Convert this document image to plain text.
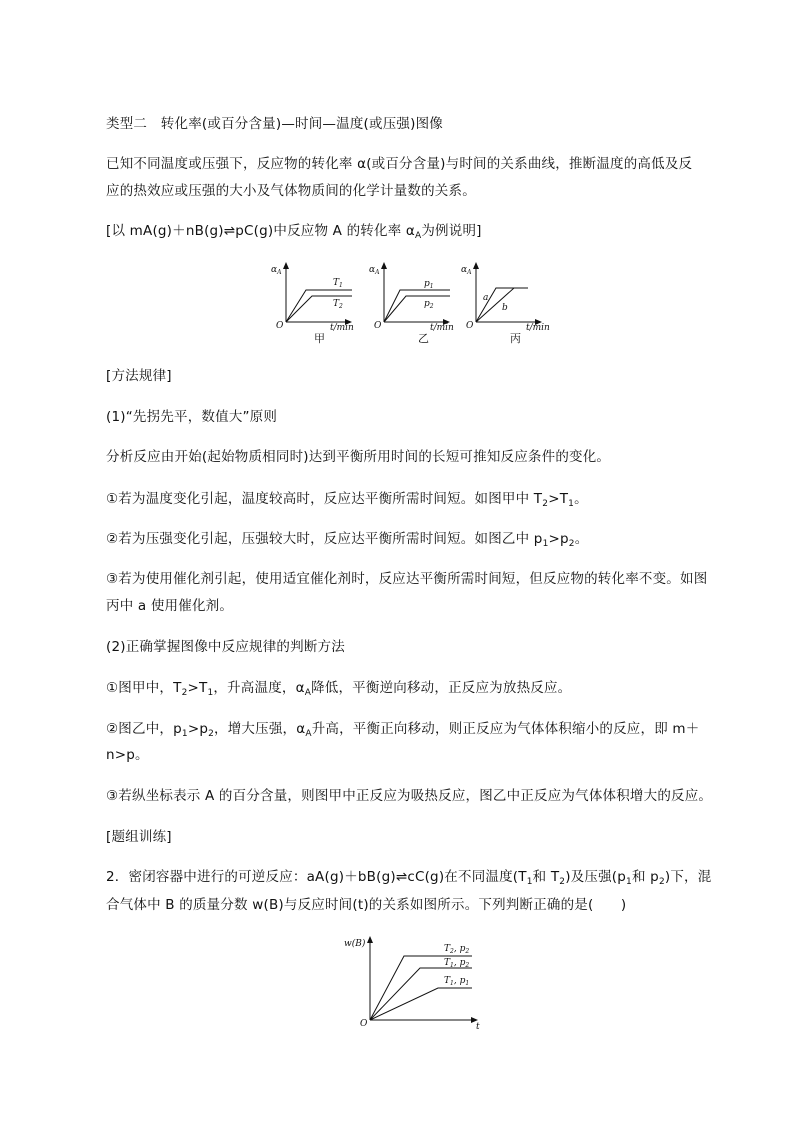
类型二　转化率(或百分含量)—时间—温度(或压强)图像

已知不同温度或压强下，反应物的转化率 α(或百分含量)与时间的关系曲线，推断温度的高低及反

应的热效应或压强的大小及气体物质间的化学计量数的关系。

[以 mA(g)＋nB(g)⇌pC(g)中反应物 A 的转化率 $\alpha_A$为例说明]

$\alpha_A$
$T_1$
$T_2$
O	t/min
甲
$\alpha_A$
$p_1$
$p_2$
O	t/min
乙
$\alpha_A$
a
b
O	t/min
丙

[方法规律]

(1)“先拐先平，数值大”原则

分析反应由开始(起始物质相同时)达到平衡所用时间的长短可推知反应条件的变化。

①若为温度变化引起，温度较高时，反应达平衡所需时间短。如图甲中 $T_2>T_1$。

②若为压强变化引起，压强较大时，反应达平衡所需时间短。如图乙中 $p_1>p_2$。

③若为使用催化剂引起，使用适宜催化剂时，反应达平衡所需时间短，但反应物的转化率不变。如图

丙中 a 使用催化剂。

(2)正确掌握图像中反应规律的判断方法

①图甲中，$T_2>T_1$，升高温度，$\alpha_A$降低，平衡逆向移动，正反应为放热反应。

②图乙中，$p_1>p_2$，增大压强，$\alpha_A$升高，平衡正向移动，则正反应为气体体积缩小的反应，即 m＋

n>p。

③若纵坐标表示 A 的百分含量，则图甲中正反应为吸热反应，图乙中正反应为气体体积增大的反应。

[题组训练]

2．密闭容器中进行的可逆反应：aA(g)＋bB(g)⇌cC(g)在不同温度($T_1$和 $T_2$)及压强($p_1$和 $p_2$)下，混

合气体中 B 的质量分数 w(B)与反应时间(t)的关系如图所示。下列判断正确的是(　　)

w(B)	$T_2$, $p_2$
$T_1$, $p_2$
$T_1$, $p_1$
O	t
